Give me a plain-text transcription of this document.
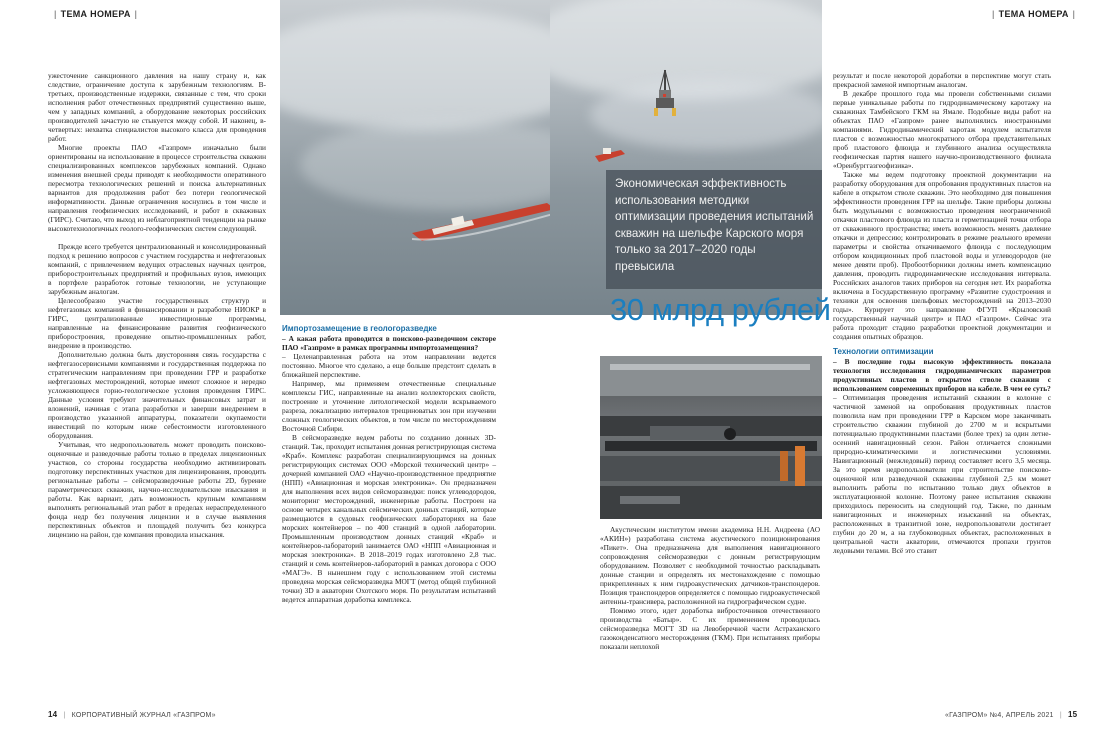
| ТЕМА НОМЕРА |

ужесточение санкционного давления на нашу страну и, как следствие, ограничение доступа к зарубежным технологиям. В-третьих, производственные издержки, связанные с тем, что сроки исполнения работ отечественных предприятий существенно выше, чем у западных компаний, а оборудование некоторых российских производителей зачастую не стыкуется между собой. И наконец, в-четвертых: нехватка специалистов высокого класса для проведения работ.

Многие проекты ПАО «Газпром» изначально были ориентированы на использование в процессе строительства скважин специализированных комплексов зарубежных компаний. Однако изменения внешней среды приводят к необходимости оперативного пересмотра технологических решений и поиска альтернативных вариантов для продолжения работ без потери геологической информативности. Данные ограничения коснулись в том числе и направления геофизических исследований, и работ в скважинах (ГИРС). Считаю, что выход из неблагоприятной тенденции на рынке высокотехнологичных геолого-геофизических систем следующий.

Прежде всего требуется централизованный и консолидированный подход к решению вопросов с участием государства и нефтегазовых компаний, с привлечением ведущих отраслевых научных центров, приборостроительных предприятий и профильных вузов, имеющих в портфеле разработок готовые технологии, не уступающие зарубежным аналогам.

Целесообразно участие государственных структур и нефтегазовых компаний в финансировании и разработке НИОКР в ГИРС, централизованные инвестиционные программы, направленные на финансирование развития геофизического приборостроения, проведение опытно-промышленных работ, внедрение в производство.

Дополнительно должна быть двусторонняя связь государства с нефтегазосервисными компаниями и государственная поддержка по стратегическим направлениям при проведении ГРР и разработке нефтегазовых месторождений, которые имеют сложное и нередко усложняющееся горно-геологическое условия проведения ГИРС. Данные условия требуют значительных финансовых затрат и вложений, начиная с этапа разработки и заверши внедрением в производство указанной аппаратуры, показатели окупаемости инвестиций по которым ниже себестоимости изготовленного оборудования.

Учитывая, что недропользователь может проводить поисково-оценочные и разведочные работы только в пределах лицензионных участков, со стороны государства необходимо активизировать подготовку перспективных участков для лицензирования, проводить региональные работы – сейсморазведочные работы 2D, бурение параметрических скважин, научно-исследовательские изыскания и работы. Как вариант, дать возможность крупным компаниям выполнять региональный этап работ в пределах нераспределенного фонда недр без получения лицензии и в случае выявления перспективных объектов и площадей получить без конкурса лицензию на район, где компания проводила изыскания.

Импортозамещение в геологоразведке

– А какая работа проводится в поисково-разведочном секторе ПАО «Газпром» в рамках программы импортозамещения?

– Целенаправленная работа на этом направлении ведется постоянно. Многое что сделано, а еще больше предстоит сделать в ближайшей перспективе.

Например, мы применяем отечественные специальные комплексы ГИС, направленные на анализ коллекторских свойств, построение и уточнение литологической модели вскрываемого разреза, локализацию интервалов трещиноватых зон при изучении сложных геологических объектов, в том числе по месторождениям Восточной Сибири.

В сейсморазведке ведем работы по созданию донных 3D-станций. Так, проходит испытания донная регистрирующая система «Краб». Комплекс разработан специализирующимся на донных регистрирующих системах ООО «Морской технический центр» – дочерней компанией ОАО «Научно-производственное предприятие (НПП) «Авиационная и морская электроника». Он предназначен для выполнения всех видов сейсморазведки: поиск углеводородов, мониторинг месторождений, инженерные работы. Построен на основе четырех канальных сейсмических донных станций, которые размещаются в судовых геофизических лабораториях на базе морских контейнеров – по 400 станций в одной лаборатории. Промышленным производством донных станций «Краб» и контейнеров-лабораторий занимается ОАО «НПП «Авиационная и морская электроника». В 2018–2019 годах изготовлено 2,8 тыс. станций и семь контейнеров-лабораторий в рамках договора с ООО «МАГЭ». В нынешнем году с использованием этой системы проведена морская сейсморазведка МОГТ (метод общей глубинной точки) 3D в акватории Охотского моря. По результатам испытаний ведется аппаратная доработка комплекса.

14 | КОРПОРАТИВНЫЙ ЖУРНАЛ «ГАЗПРОМ»
| ТЕМА НОМЕРА |
Экономическая эффективность использования методики оптимизации проведения испытаний скважин на шельфе Карского моря только за 2017–2020 годы превысила
30 млрд рублей

Акустическим институтом имени академика Н.Н. Андреева (АО «АКИН») разработана система акустического позиционирования «Пикет». Она предназначена для выполнения навигационного сопровождения сейсморазведки с донным регистрирующим оборудованием. Позволяет с необходимой точностью раскладывать донные станции и определять их местонахождение с помощью прикрепленных к ним гидроакустических датчиков-транспондеров. Позиция транспондеров определяется с помощью гидроакустической антенны-трансивера, расположенной на гидрографическом судне.

Помимо этого, идет доработка вибросточников отечественного производства «Батыр». С их применением проводилась сейсморазведка МОГТ 3D на Левоберечной части Астраханского газоконденсатного месторождения (ГКМ). При испытаниях приборы показали неплохой

результат и после некоторой доработки в перспективе могут стать прекрасной заменой импортным аналогам.

В декабре прошлого года мы провели собственными силами первые уникальные работы по гидродинамическому каротажу на скважинах Тамбейского ГКМ на Ямале. Подобные виды работ на объектах ПАО «Газпром» ранее выполнялись иностранными компаниями. Гидродинамический каротаж модулем испытателя пластов с возможностью многократного отбора представительных проб пластового флюида и глубинного анализа осуществляла геофизическая партия нашего научно-производственного филиала «Оренбурггазгеофизика».

Также мы ведем подготовку проектной документации на разработку оборудования для опробования продуктивных пластов на кабеле в открытом стволе скважин. Это необходимо для повышения эффективности проведения ГРР на шельфе. Такие приборы должны быть модульными с возможностью проведения неограниченной откачки пластового флюида из пласта и герметизацией точки отбора от скважинного пространства; иметь возможность менять давление откачки и депрессию; контролировать в режиме реального времени параметры и свойства откачиваемого флюида с последующим отбором кондиционных проб пластовой воды и углеводородов (не менее девяти проб). Пробоотборники должны иметь компенсацию давления, проводить гидродинамические исследования интервала. Российских аналогов таких приборов на сегодня нет. Их разработка включена в Государственную программу «Развитие судостроения и техники для освоения шельфовых месторождений на 2013–2030 годы». Курирует это направление ФГУП «Крыловский государственный научный центр» и ПАО «Газпром». Сейчас эта работа проходит стадию разработки проектной документации и создания опытных образцов.

Технологии оптимизации

– В последние годы высокую эффективность показала технология исследования гидродинамических параметров продуктивных пластов в открытом стволе скважин с использованием современных приборов на кабеле. В чем ее суть?

– Оптимизация проведения испытаний скважин в колонне с частичной заменой на опробования продуктивных пластов позволила нам при проведении ГРР в Карском море заканчивать строительство скважин глубиной до 2700 м и вскрытыми потенциально продуктивными пластами (более трех) за один летне-осенний навигационный сезон. Район отличается сложными природно-климатическими и логистическими условиями. Навигационный (межледовый) период составляет всего 3,5 месяца. За это время недропользователи при строительстве поисково-оценочной или разведочной скважины глубиной 2,5 км может выполнить работы по испытанию только двух объектов в эксплуатационной колонне. Поэтому ранее испытания скважин приходилось переносить на следующий год. Также, по данным навигационных и инженерных изысканий на объектах, расположенных в транзитной зоне, недропользователи достигает глубин до 20 м, а на глубоководных объектах, расположенных в центральной части акватории, отмечаются пропахи грунтов ледовыми телами. Всё это ставит

«ГАЗПРОМ» №4, АПРЕЛЬ 2021 | 15
